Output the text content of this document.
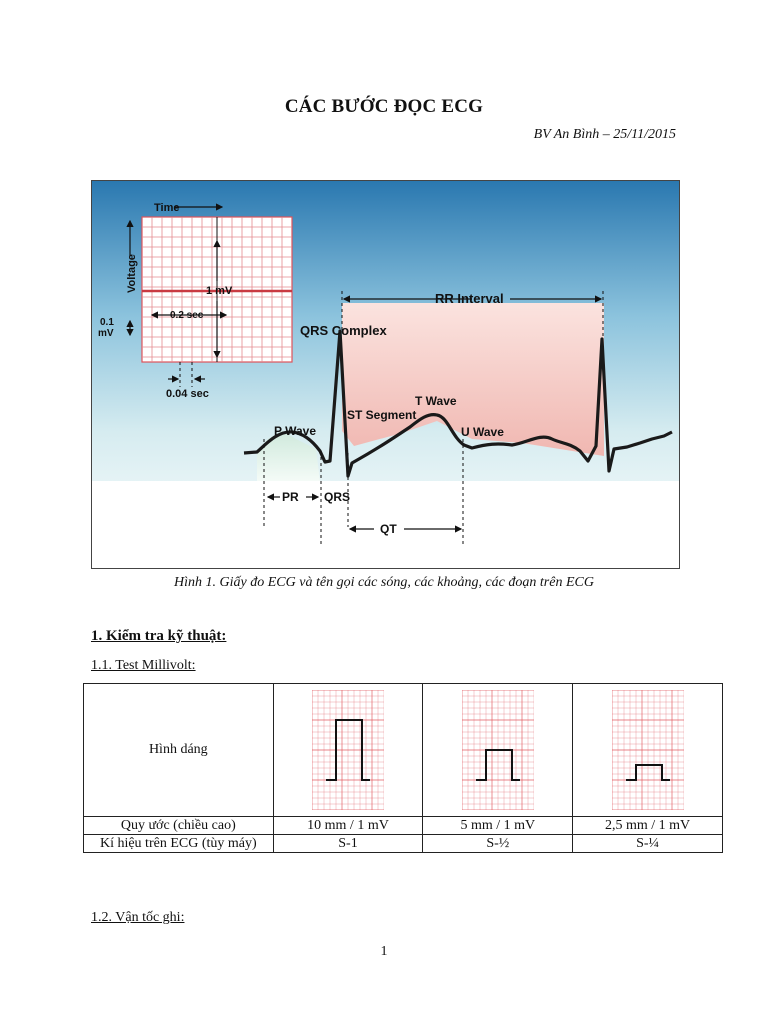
CÁC BƯỚC ĐỌC ECG
BV An Bình – 25/11/2015
Time
Voltage	1 mV
0.2 sec
0.1 mV
0.04 sec
RR Interval
QRS Complex
P Wave
ST Segment
T Wave
U Wave
PR QRS
QT
Hình 1. Giấy đo ECG và tên gọi các sóng, các khoảng, các đoạn trên ECG
1. Kiểm tra kỹ thuật:
1.1. Test Millivolt:
Hình dáng	

Quy ước (chiều cao)	10 mm / 1 mV	5 mm / 1 mV	2,5 mm / 1 mV
Kí hiệu trên ECG (tùy máy)	S-1	S-½	S-¼
1.2. Vận tốc ghi:
1
